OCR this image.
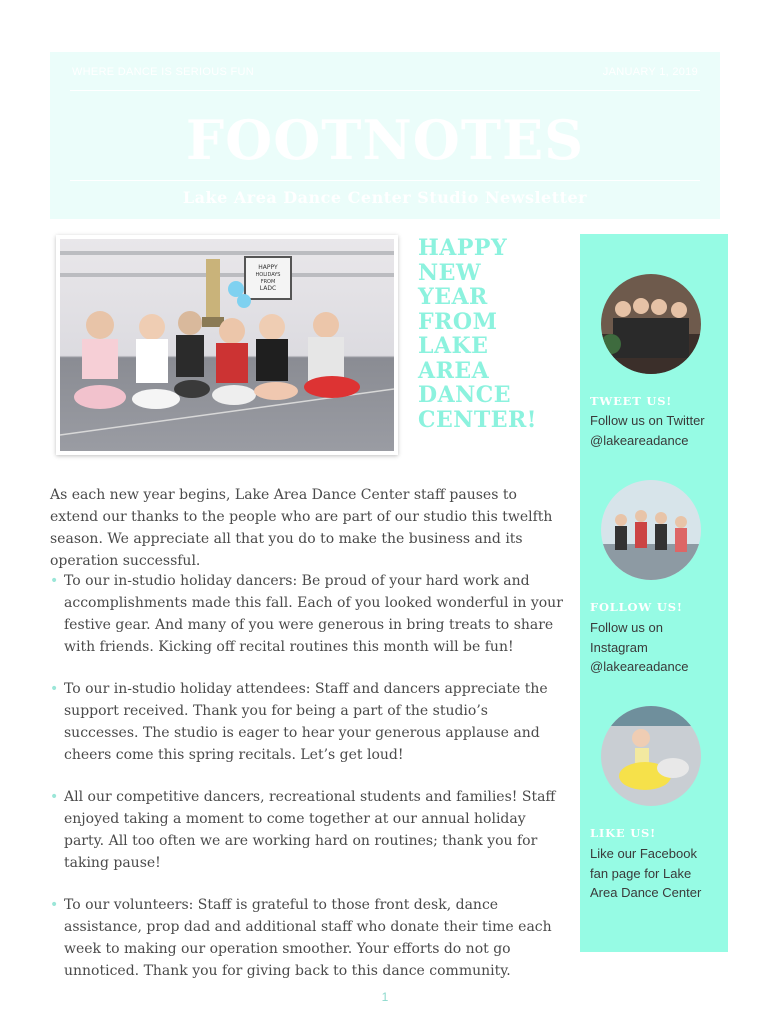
WHERE DANCE IS SERIOUS FUN	JANUARY 1, 2019
FOOTNOTES
Lake Area Dance Center Studio Newsletter
HAPPY
HOLIDAYS
FROM
LADC
HAPPY
NEW
YEAR
FROM
LAKE
AREA
DANCE
CENTER!

As each new year begins, Lake Area Dance Center staff pauses to extend our thanks to the people who are part of our studio this twelfth season. We appreciate all that you do to make the business and its operation successful.

• To our in-studio holiday dancers: Be proud of your hard work and accomplishments made this fall. Each of you looked wonderful in your festive gear. And many of you were generous in bring treats to share with friends. Kicking off recital routines this month will be fun!
• To our in-studio holiday attendees: Staff and dancers appreciate the support received. Thank you for being a part of the studio’s successes. The studio is eager to hear your generous applause and cheers come this spring recitals. Let’s get loud!
• All our competitive dancers, recreational students and families! Staff enjoyed taking a moment to come together at our annual holiday party. All too often we are working hard on routines; thank you for taking pause!
• To our volunteers: Staff is grateful to those front desk, dance assistance, prop dad and additional staff who donate their time each week to making our operation smoother. Your efforts do not go unnoticed. Thank you for giving back to this dance community.
TWEET US!
Follow us on Twitter
@lakeareadance
FOLLOW US!
Follow us on
Instagram
@lakeareadance
LIKE US!
Like our Facebook
fan page for Lake
Area Dance Center
1
